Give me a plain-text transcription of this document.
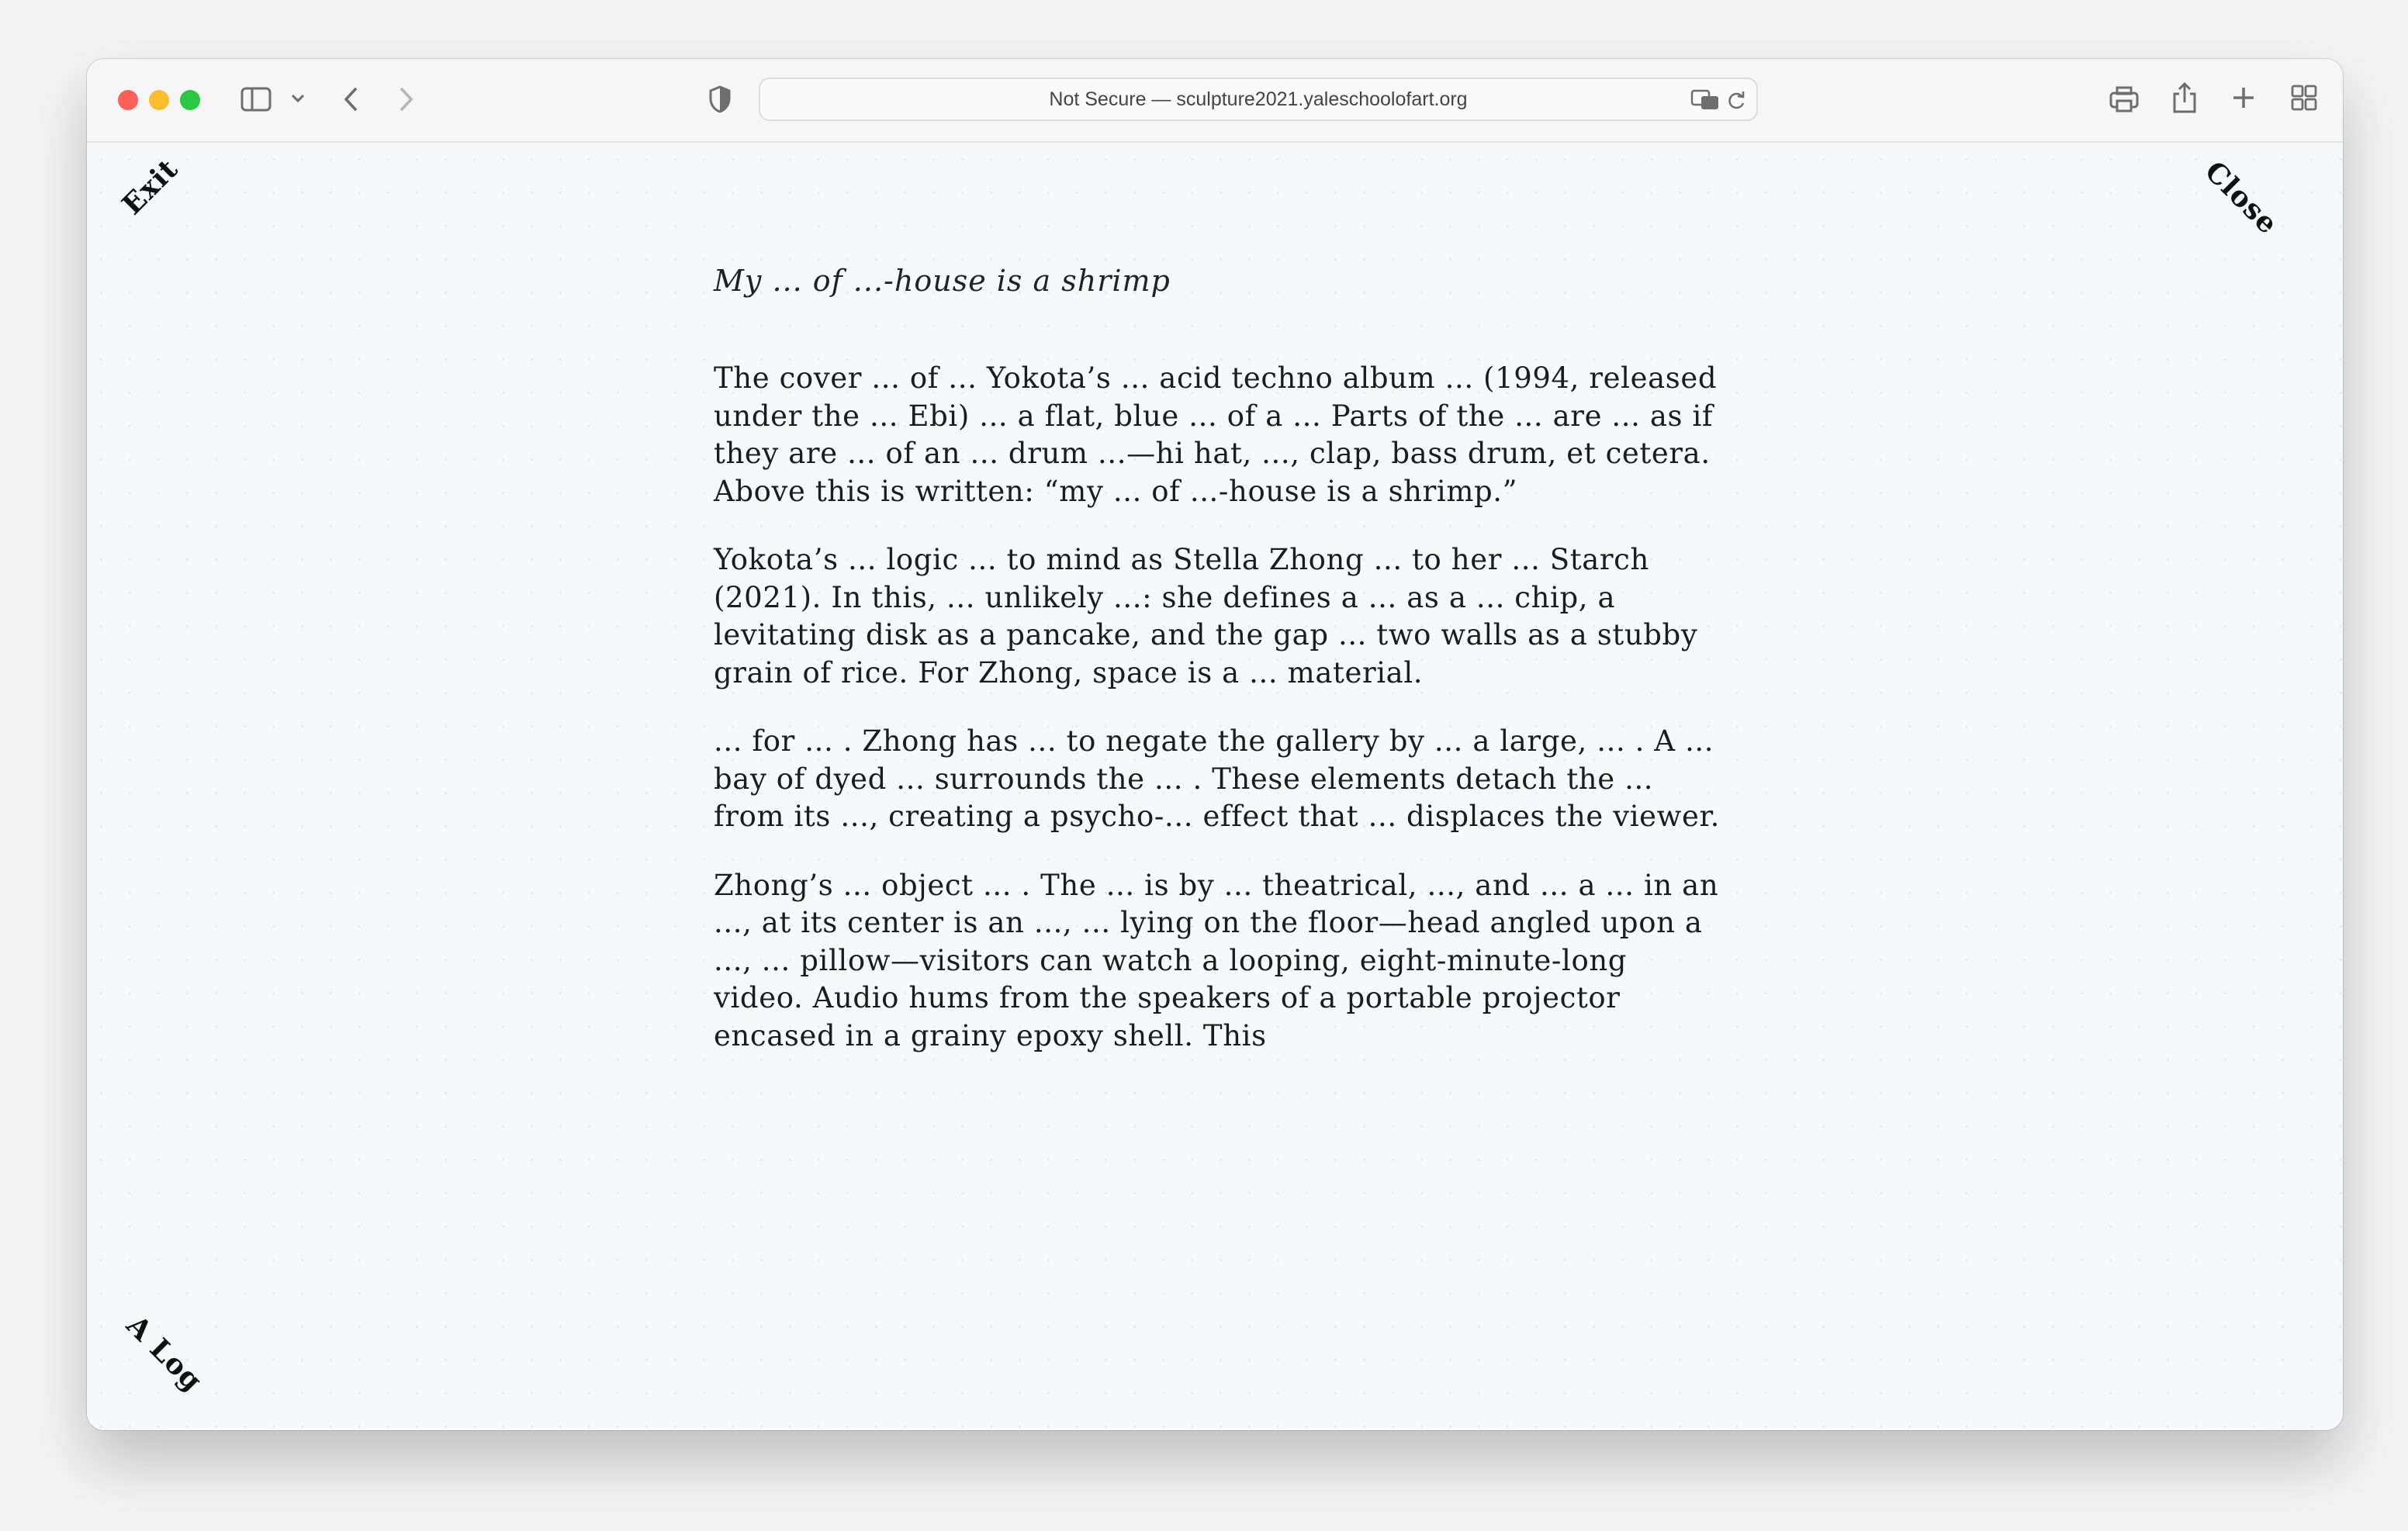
Not Secure — sculpture2021.yaleschoolofart.org
Exit	Close
A Log
My ... of ...-house is a shrimp

The cover ... of ... Yokota’s ... acid techno album ... (1994, released under the ... Ebi) ... a flat, blue ... of a ... Parts of the ... are ... as if they are ... of an ... drum ...—hi hat, ..., clap, bass drum, et cetera. Above this is written: “my ... of ...-house is a shrimp.”

Yokota’s ... logic ... to mind as Stella Zhong ... to her ... Starch (2021). In this, ... unlikely ...: she defines a ... as a ... chip, a levitating disk as a pancake, and the gap ... two walls as a stubby grain of rice. For Zhong, space is a ... material.

... for ... . Zhong has ... to negate the gallery by ... a large, ... . A ... bay of dyed ... surrounds the ... . These elements detach the ... from its ..., creating a psycho-... effect that ... displaces the viewer.

Zhong’s ... object ... . The ... is by ... theatrical, ..., and ... a ... in an ..., at its center is an ..., ... lying on the floor—head angled upon a ..., ... pillow—visitors can watch a looping, eight-minute-long video. Audio hums from the speakers of a portable projector encased in a grainy epoxy shell. This
